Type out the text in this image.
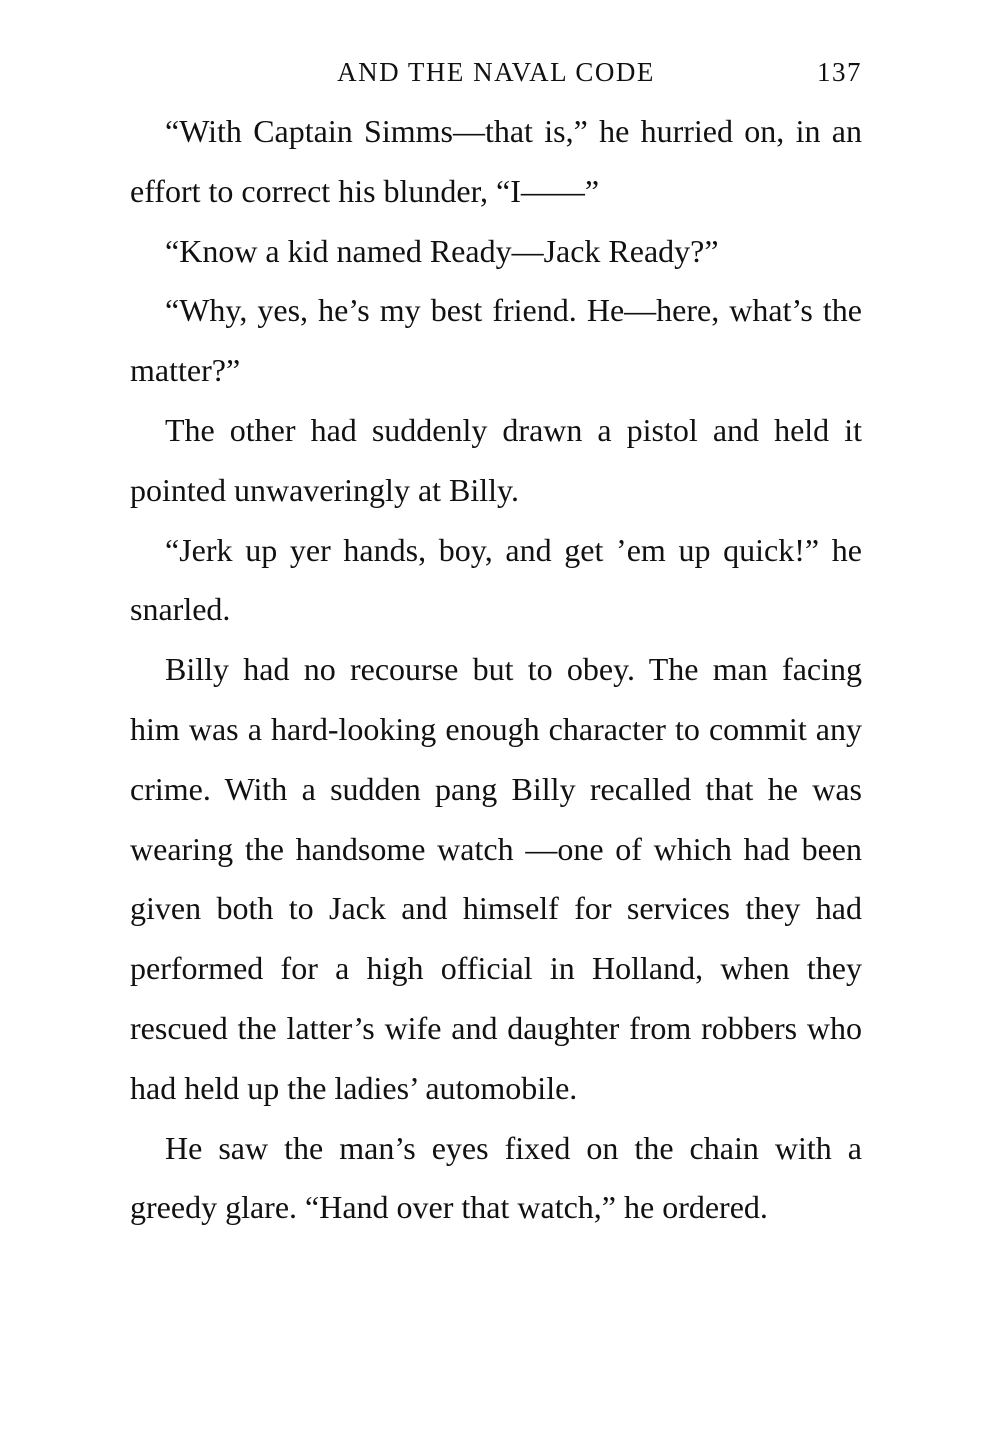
AND THE NAVAL CODE	137

“With Captain Simms—that is,” he hurried on, in an effort to correct his blunder, “I——”

“Know a kid named Ready—Jack Ready?”

“Why, yes, he’s my best friend. He—here, what’s the matter?”

The other had suddenly drawn a pistol and held it pointed unwaveringly at Billy.

“Jerk up yer hands, boy, and get ’em up quick!” he snarled.

Billy had no recourse but to obey. The man facing him was a hard-looking enough character to commit any crime. With a sudden pang Billy recalled that he was wearing the handsome watch —one of which had been given both to Jack and himself for services they had performed for a high official in Holland, when they rescued the latter’s wife and daughter from robbers who had held up the ladies’ automobile.

He saw the man’s eyes fixed on the chain with a greedy glare. “Hand over that watch,” he ordered.
